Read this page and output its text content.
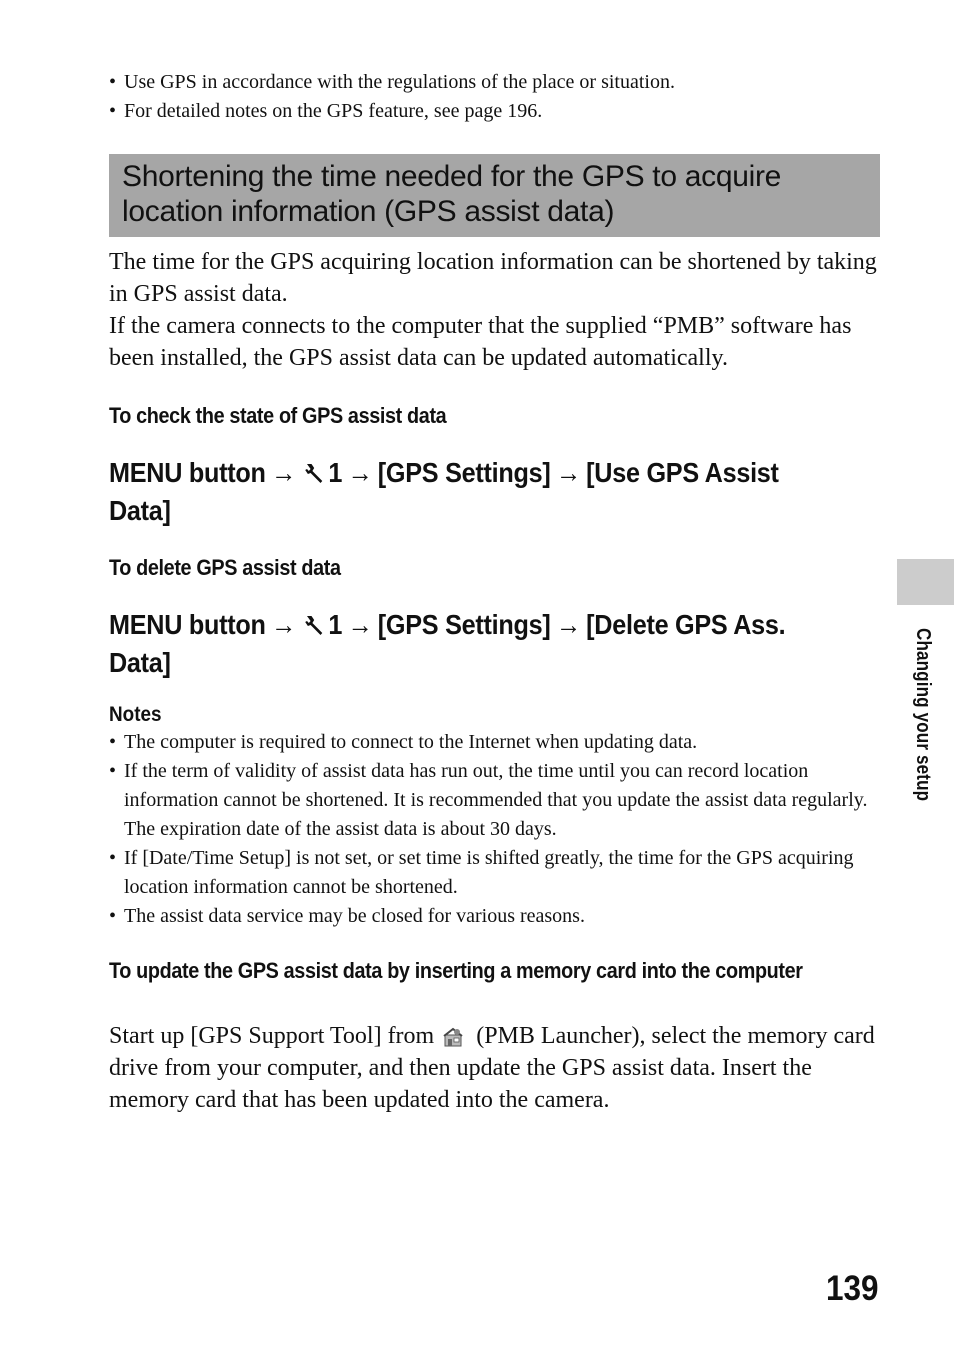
• Use GPS in accordance with the regulations of the place or situation.
• For detailed notes on the GPS feature, see page 196.
Shortening the time needed for the GPS to acquire location information (GPS assist data)

The time for the GPS acquiring location information can be shortened by taking in GPS assist data.

If the camera connects to the computer that the supplied “PMB” software has been installed, the GPS assist data can be updated automatically.

To check the state of GPS assist data
MENU button → 1 → [GPS Settings] → [Use GPS Assist Data]
To delete GPS assist data
MENU button → 1 → [GPS Settings] → [Delete GPS Ass. Data]
Notes
• The computer is required to connect to the Internet when updating data.
• If the term of validity of assist data has run out, the time until you can record location information cannot be shortened. It is recommended that you update the assist data regularly. The expiration date of the assist data is about 30 days.
• If [Date/Time Setup] is not set, or set time is shifted greatly, the time for the GPS acquiring location information cannot be shortened.
• The assist data service may be closed for various reasons.
To update the GPS assist data by inserting a memory card into the computer
Start up [GPS Support Tool] from (PMB Launcher), select the memory card drive from your computer, and then update the GPS assist data. Insert the memory card that has been updated into the camera.
Changing your setup
139
